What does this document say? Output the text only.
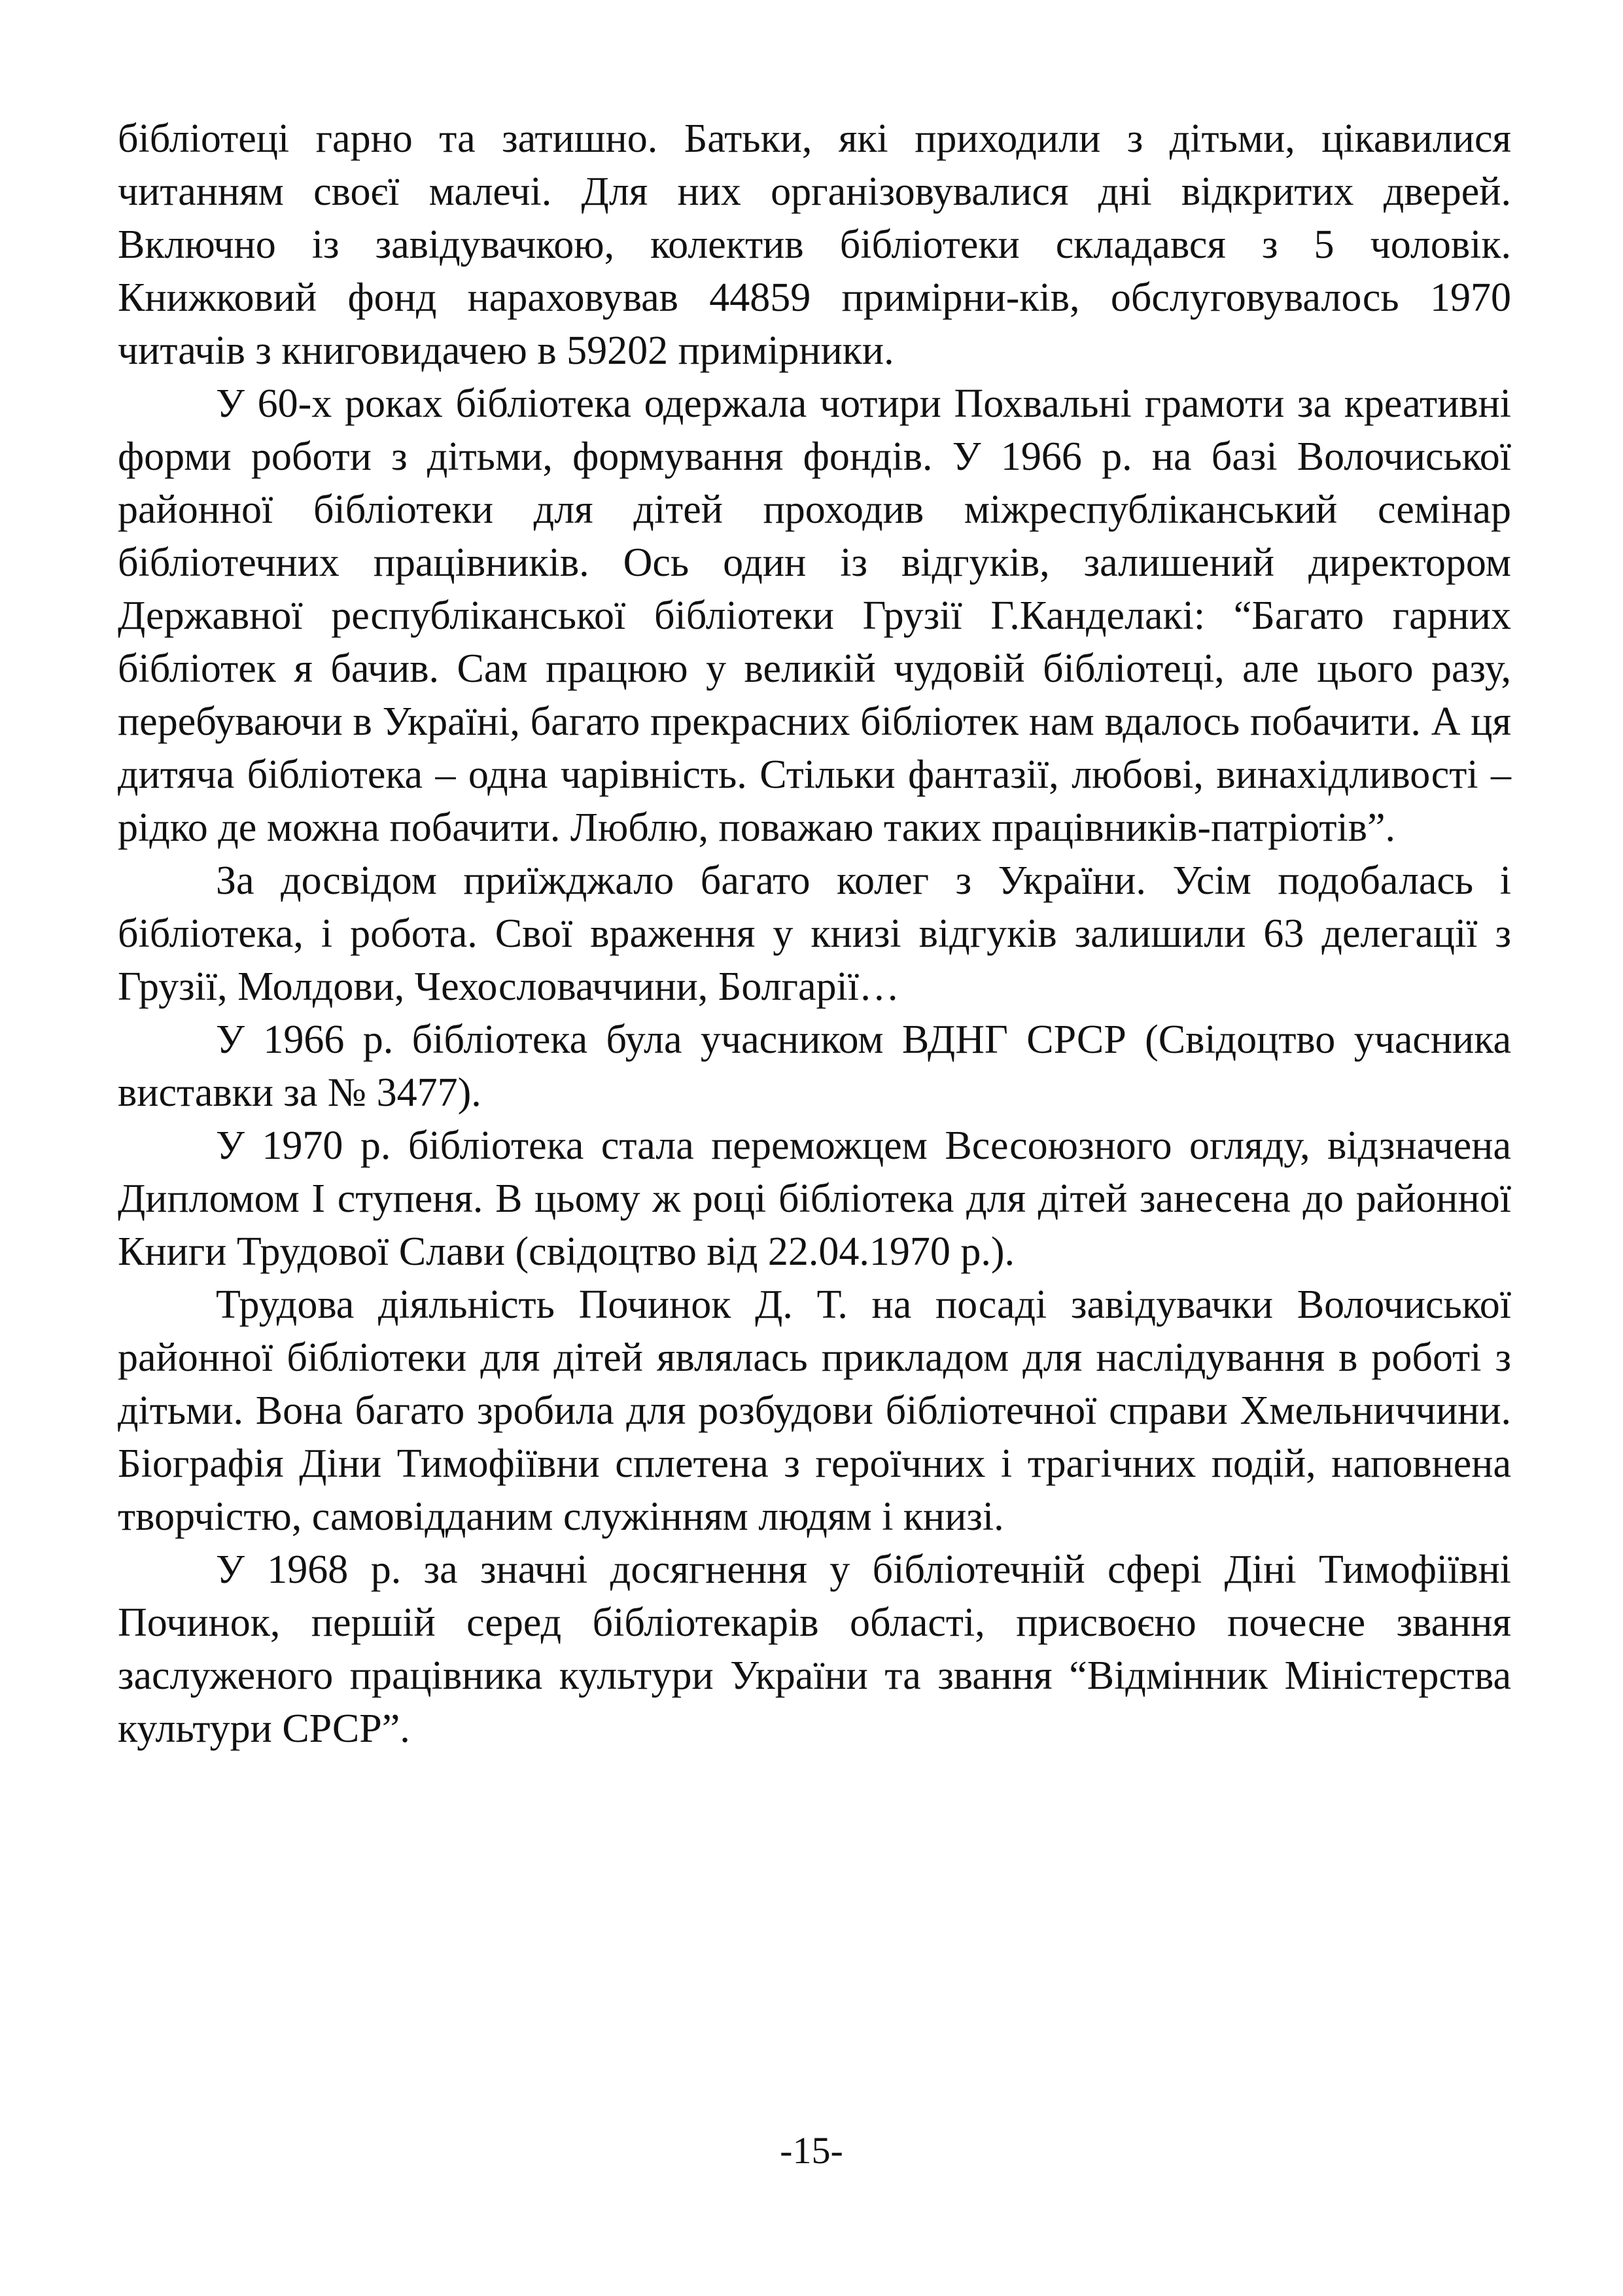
бібліотеці гарно та затишно. Батьки, які приходили з дітьми, цікавилися читанням своєї малечі. Для них організовувалися дні відкритих дверей. Включно із завідувачкою, колектив бібліотеки складався з 5 чоловік. Книжковий фонд нараховував 44859 примірни-ків, обслуговувалось 1970 читачів з книговидачею в 59202 примірники.

У 60-х роках бібліотека одержала чотири Похвальні грамоти за креативні форми роботи з дітьми, формування фондів. У 1966 р. на базі Волочиської районної бібліотеки для дітей проходив міжреспубліканський семінар бібліотечних працівників. Ось один із відгуків, залишений директором Державної республіканської бібліотеки Грузії Г.Канделакі: “Багато гарних бібліотек я бачив. Сам працюю у великій чудовій бібліотеці, але цього разу, перебуваючи в Україні, багато прекрасних бібліотек нам вдалось побачити. А ця дитяча бібліотека – одна чарівність. Стільки фантазії, любові, винахідливості – рідко де можна побачити. Люблю, поважаю таких працівників-патріотів”.

За досвідом приїжджало багато колег з України. Усім подобалась і бібліотека, і робота. Свої враження у книзі відгуків залишили 63 делегації з Грузії, Молдови, Чехословаччини, Болгарії…

У 1966 р. бібліотека була учасником ВДНГ СРСР (Свідоцтво учасника виставки за № 3477).

У 1970 р. бібліотека стала переможцем Всесоюзного огляду, відзначена Дипломом І ступеня. В цьому ж році бібліотека для дітей занесена до районної Книги Трудової Слави (свідоцтво від 22.04.1970 р.).

Трудова діяльність Починок Д. Т. на посаді завідувачки Волочиської районної бібліотеки для дітей являлась прикладом для наслідування в роботі з дітьми. Вона багато зробила для розбудови бібліотечної справи Хмельниччини. Біографія Діни Тимофіївни сплетена з героїчних і трагічних подій, наповнена творчістю, самовідданим служінням людям і книзі.

У 1968 р. за значні досягнення у бібліотечній сфері Діні Тимофіївні Починок, першій серед бібліотекарів області, присвоєно почесне звання заслуженого працівника культури України та звання “Відмінник Міністерства культури СРСР”.

-15-
